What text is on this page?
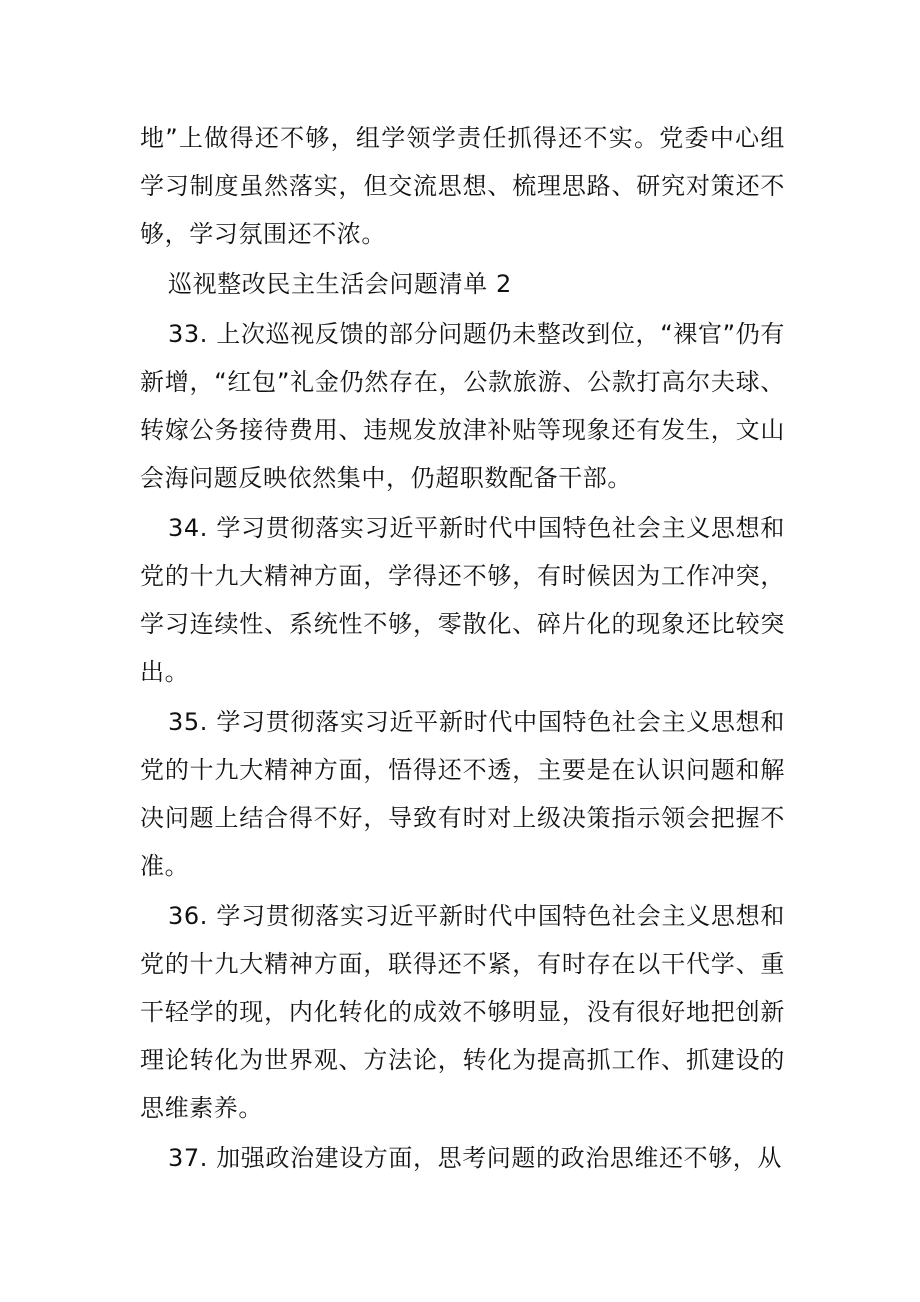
地”上做得还不够，组学领学责任抓得还不实。党委中心组学习制度虽然落实，但交流思想、梳理思路、研究对策还不够，学习氛围还不浓。

巡视整改民主生活会问题清单 2

33. 上次巡视反馈的部分问题仍未整改到位，“裸官”仍有新增，“红包”礼金仍然存在，公款旅游、公款打高尔夫球、转嫁公务接待费用、违规发放津补贴等现象还有发生，文山会海问题反映依然集中，仍超职数配备干部。

34. 学习贯彻落实习近平新时代中国特色社会主义思想和党的十九大精神方面，学得还不够，有时候因为工作冲突，学习连续性、系统性不够，零散化、碎片化的现象还比较突出。

35. 学习贯彻落实习近平新时代中国特色社会主义思想和党的十九大精神方面，悟得还不透，主要是在认识问题和解决问题上结合得不好，导致有时对上级决策指示领会把握不准。

36. 学习贯彻落实习近平新时代中国特色社会主义思想和党的十九大精神方面，联得还不紧，有时存在以干代学、重干轻学的现，内化转化的成效不够明显，没有很好地把创新理论转化为世界观、方法论，转化为提高抓工作、抓建设的思维素养。

37. 加强政治建设方面，思考问题的政治思维还不够，从
